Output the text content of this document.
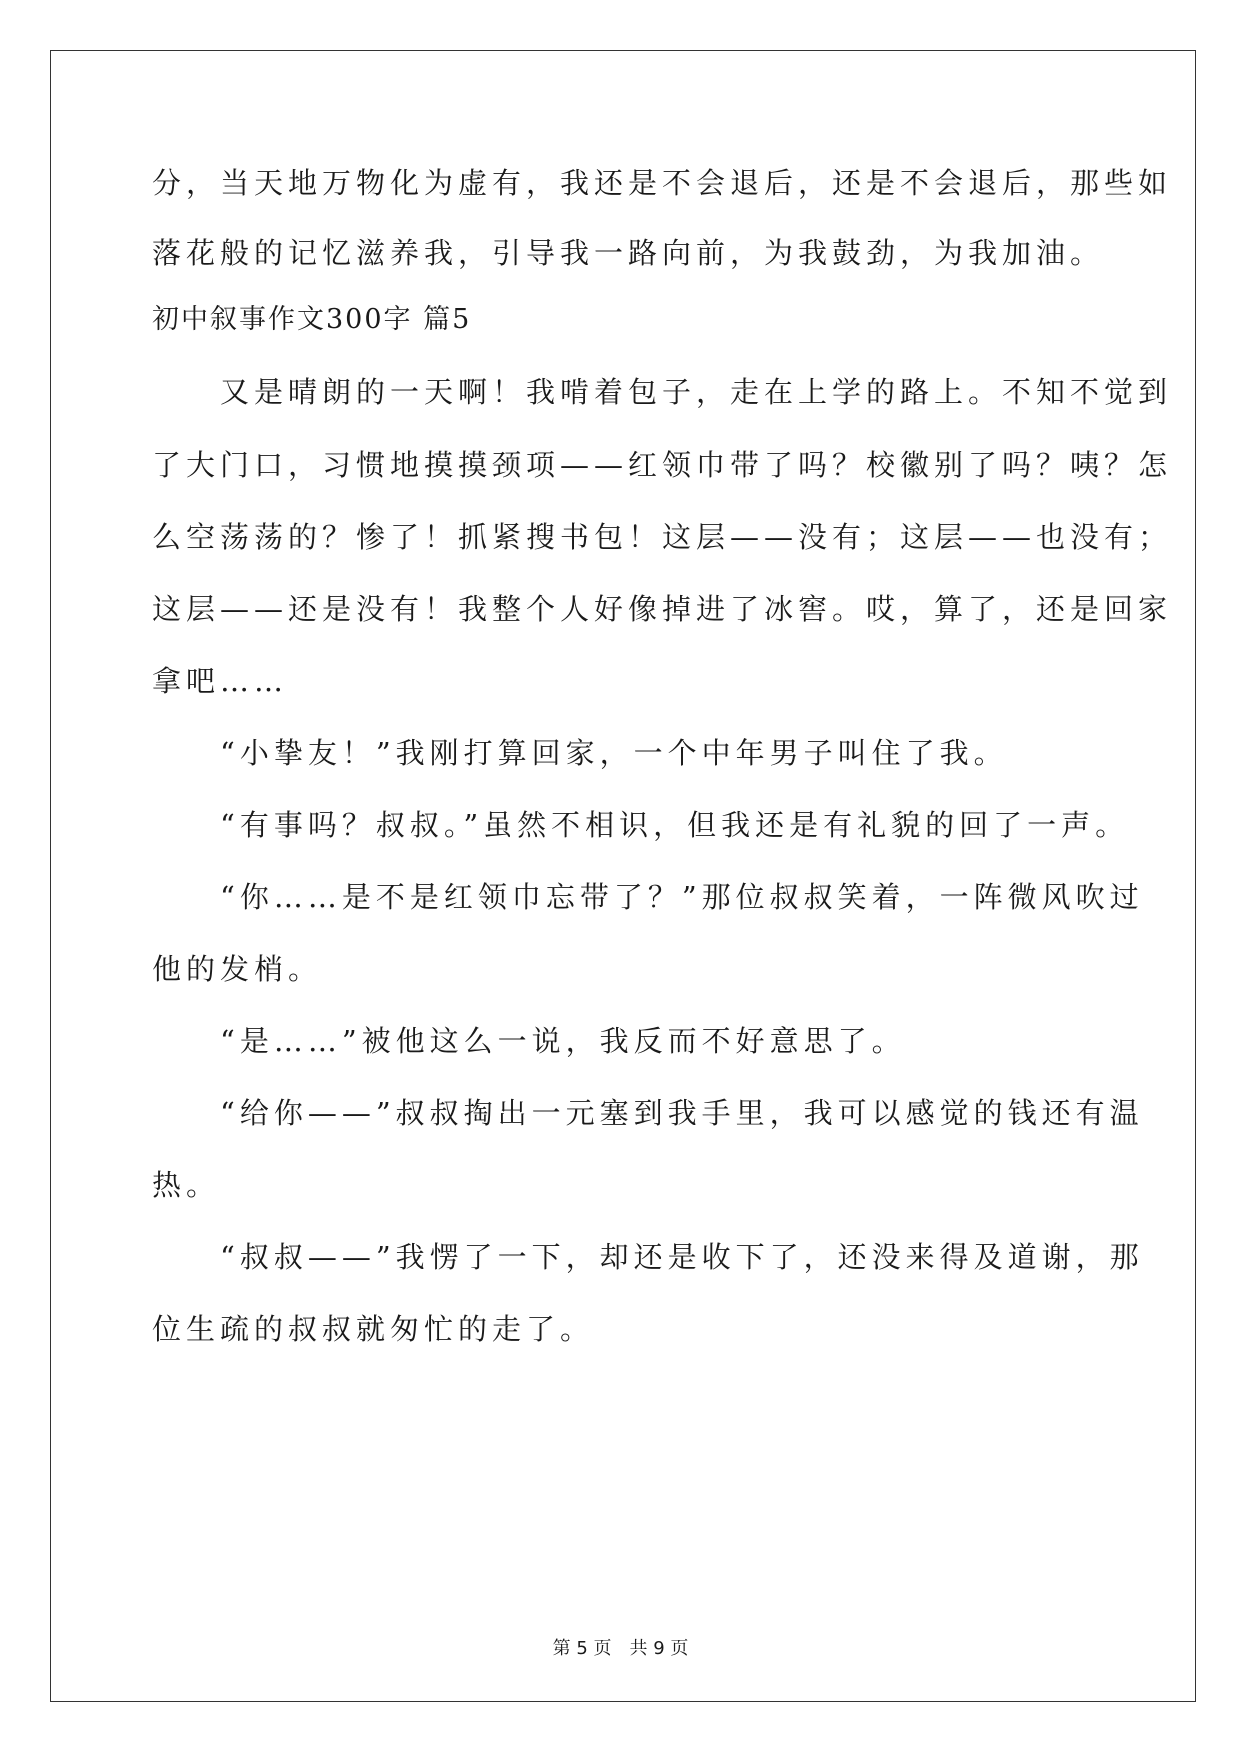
分，当天地万物化为虚有，我还是不会退后，还是不会退后，那些如
落花般的记忆滋养我，引导我一路向前，为我鼓劲，为我加油。
初中叙事作文300字 篇5
　　又是晴朗的一天啊！我啃着包子，走在上学的路上。不知不觉到
了大门口，习惯地摸摸颈项——红领巾带了吗？校徽别了吗？咦？怎
么空荡荡的？惨了！抓紧搜书包！这层——没有；这层——也没有；
这层——还是没有！我整个人好像掉进了冰窖。哎，算了，还是回家
拿吧……
　　“小挚友！”我刚打算回家，一个中年男子叫住了我。
　　“有事吗？叔叔。”虽然不相识，但我还是有礼貌的回了一声。
　　“你……是不是红领巾忘带了？”那位叔叔笑着，一阵微风吹过
他的发梢。
　　“是……”被他这么一说，我反而不好意思了。
　　“给你——”叔叔掏出一元塞到我手里，我可以感觉的钱还有温
热。
　　“叔叔——”我愣了一下，却还是收下了，还没来得及道谢，那
位生疏的叔叔就匆忙的走了。
第 5 页　共 9 页
